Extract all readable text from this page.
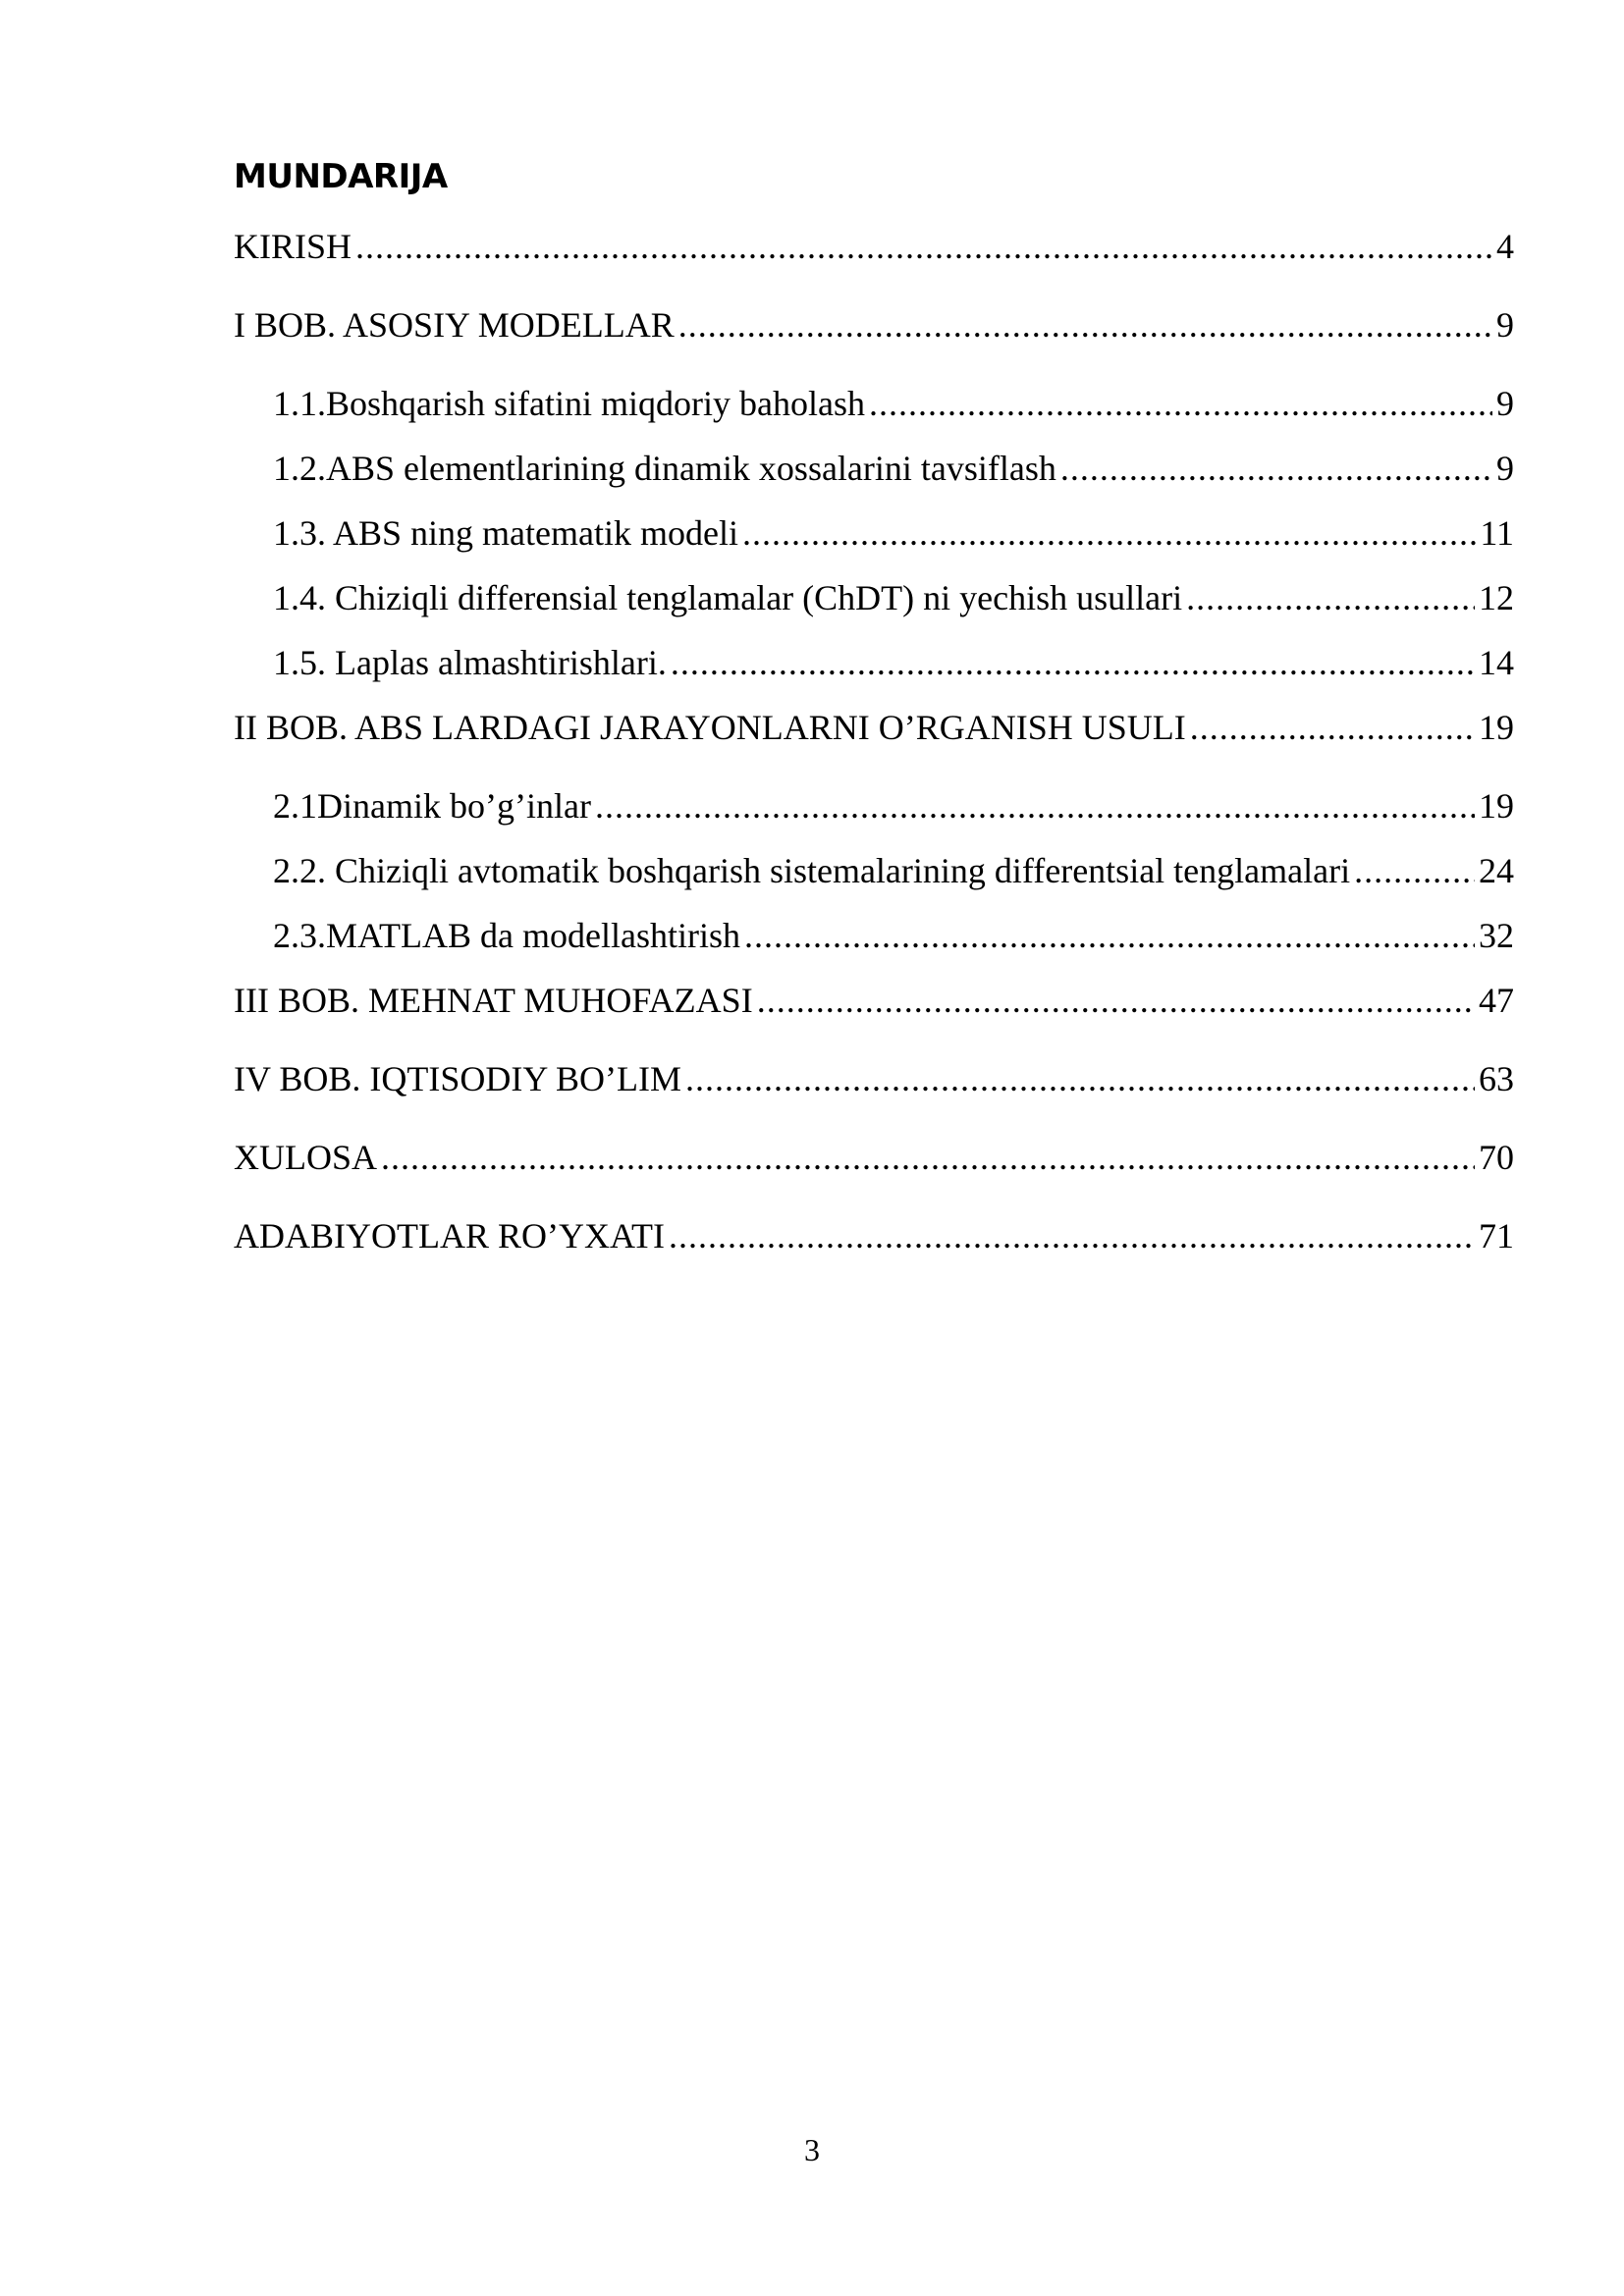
MUNDARIJA
KIRISH .....	4
I BOB. ASOSIY MODELLAR .....	9
1.1.Boshqarish sifatini miqdoriy baholash .....	9
1.2.ABS elementlarining dinamik xossalarini tavsiflash .....	9
1.3. ABS ning matematik modeli .....	11
1.4. Chiziqli differensial tenglamalar (ChDT) ni yechish usullari .....	12
1.5. Laplas almashtirishlari. .....	14
II BOB. ABS LARDAGI JARAYONLARNI O’RGANISH USULI .....	19
2.1Dinamik bo’g’inlar .....	19
2.2. Chiziqli avtomatik boshqarish sistemalarining differentsial tenglamalari .....	24
2.3.MATLAB da modellashtirish .....	32
III BOB. MEHNAT MUHOFAZASI .....	47
IV BOB. IQTISODIY BO’LIM .....	63
XULOSA .....	70
ADABIYOTLAR RO’YXATI .....	71
3
